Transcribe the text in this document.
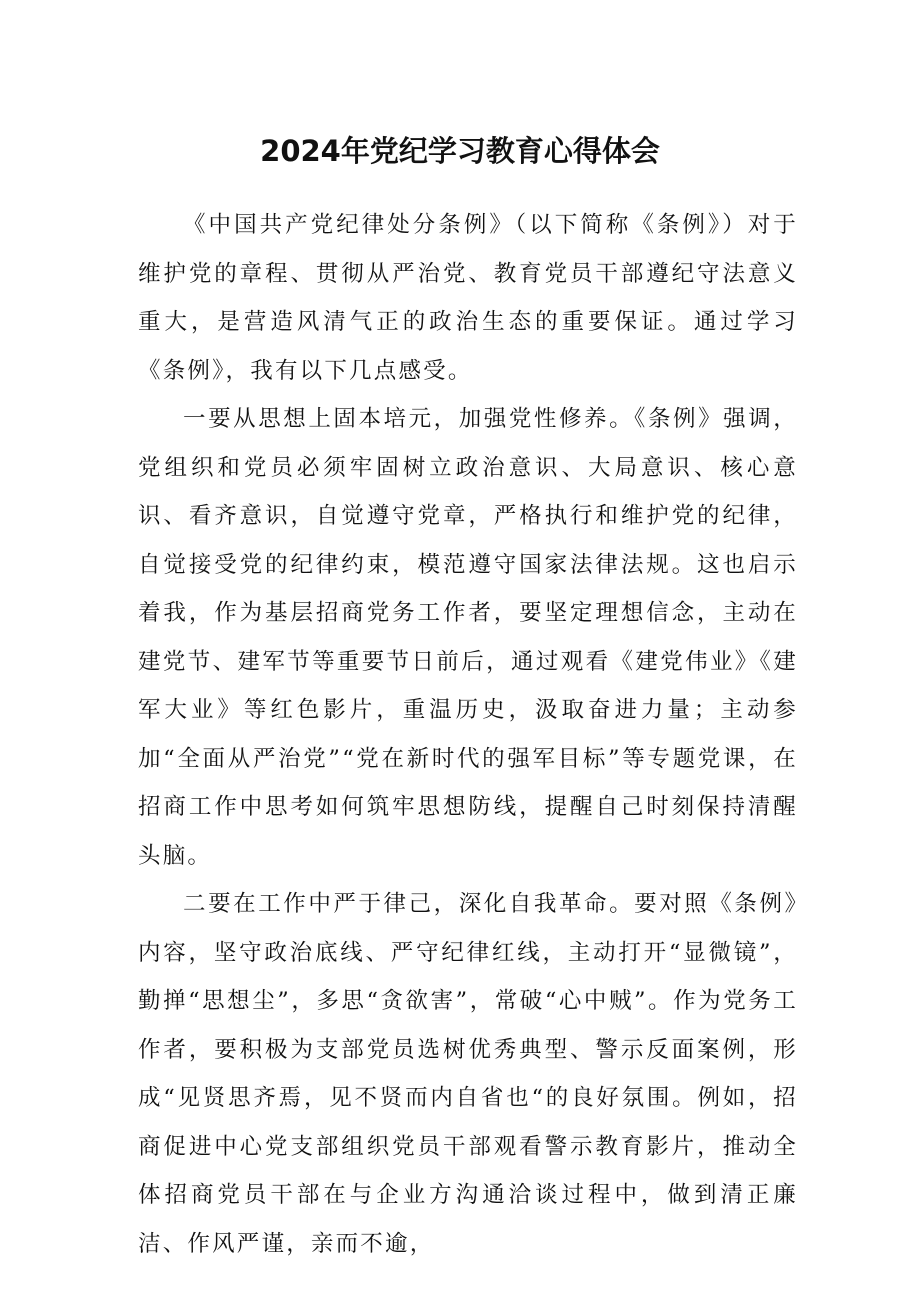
2024年党纪学习教育心得体会

《中国共产党纪律处分条例》（以下简称《条例》）对于维护党的章程、贯彻从严治党、教育党员干部遵纪守法意义重大，是营造风清气正的政治生态的重要保证。通过学习《条例》，我有以下几点感受。

一要从思想上固本培元，加强党性修养。《条例》强调，党组织和党员必须牢固树立政治意识、大局意识、核心意识、看齐意识，自觉遵守党章，严格执行和维护党的纪律，自觉接受党的纪律约束，模范遵守国家法律法规。这也启示着我，作为基层招商党务工作者，要坚定理想信念，主动在建党节、建军节等重要节日前后，通过观看《建党伟业》《建军大业》等红色影片，重温历史，汲取奋进力量；主动参加“全面从严治党”“党在新时代的强军目标”等专题党课，在招商工作中思考如何筑牢思想防线，提醒自己时刻保持清醒头脑。

二要在工作中严于律己，深化自我革命。要对照《条例》内容，坚守政治底线、严守纪律红线，主动打开“显微镜”，勤掸“思想尘”，多思“贪欲害”，常破“心中贼”。作为党务工作者，要积极为支部党员选树优秀典型、警示反面案例，形成“见贤思齐焉，见不贤而内自省也“的良好氛围。例如，招商促进中心党支部组织党员干部观看警示教育影片，推动全体招商党员干部在与企业方沟通洽谈过程中，做到清正廉洁、作风严谨，亲而不逾，
